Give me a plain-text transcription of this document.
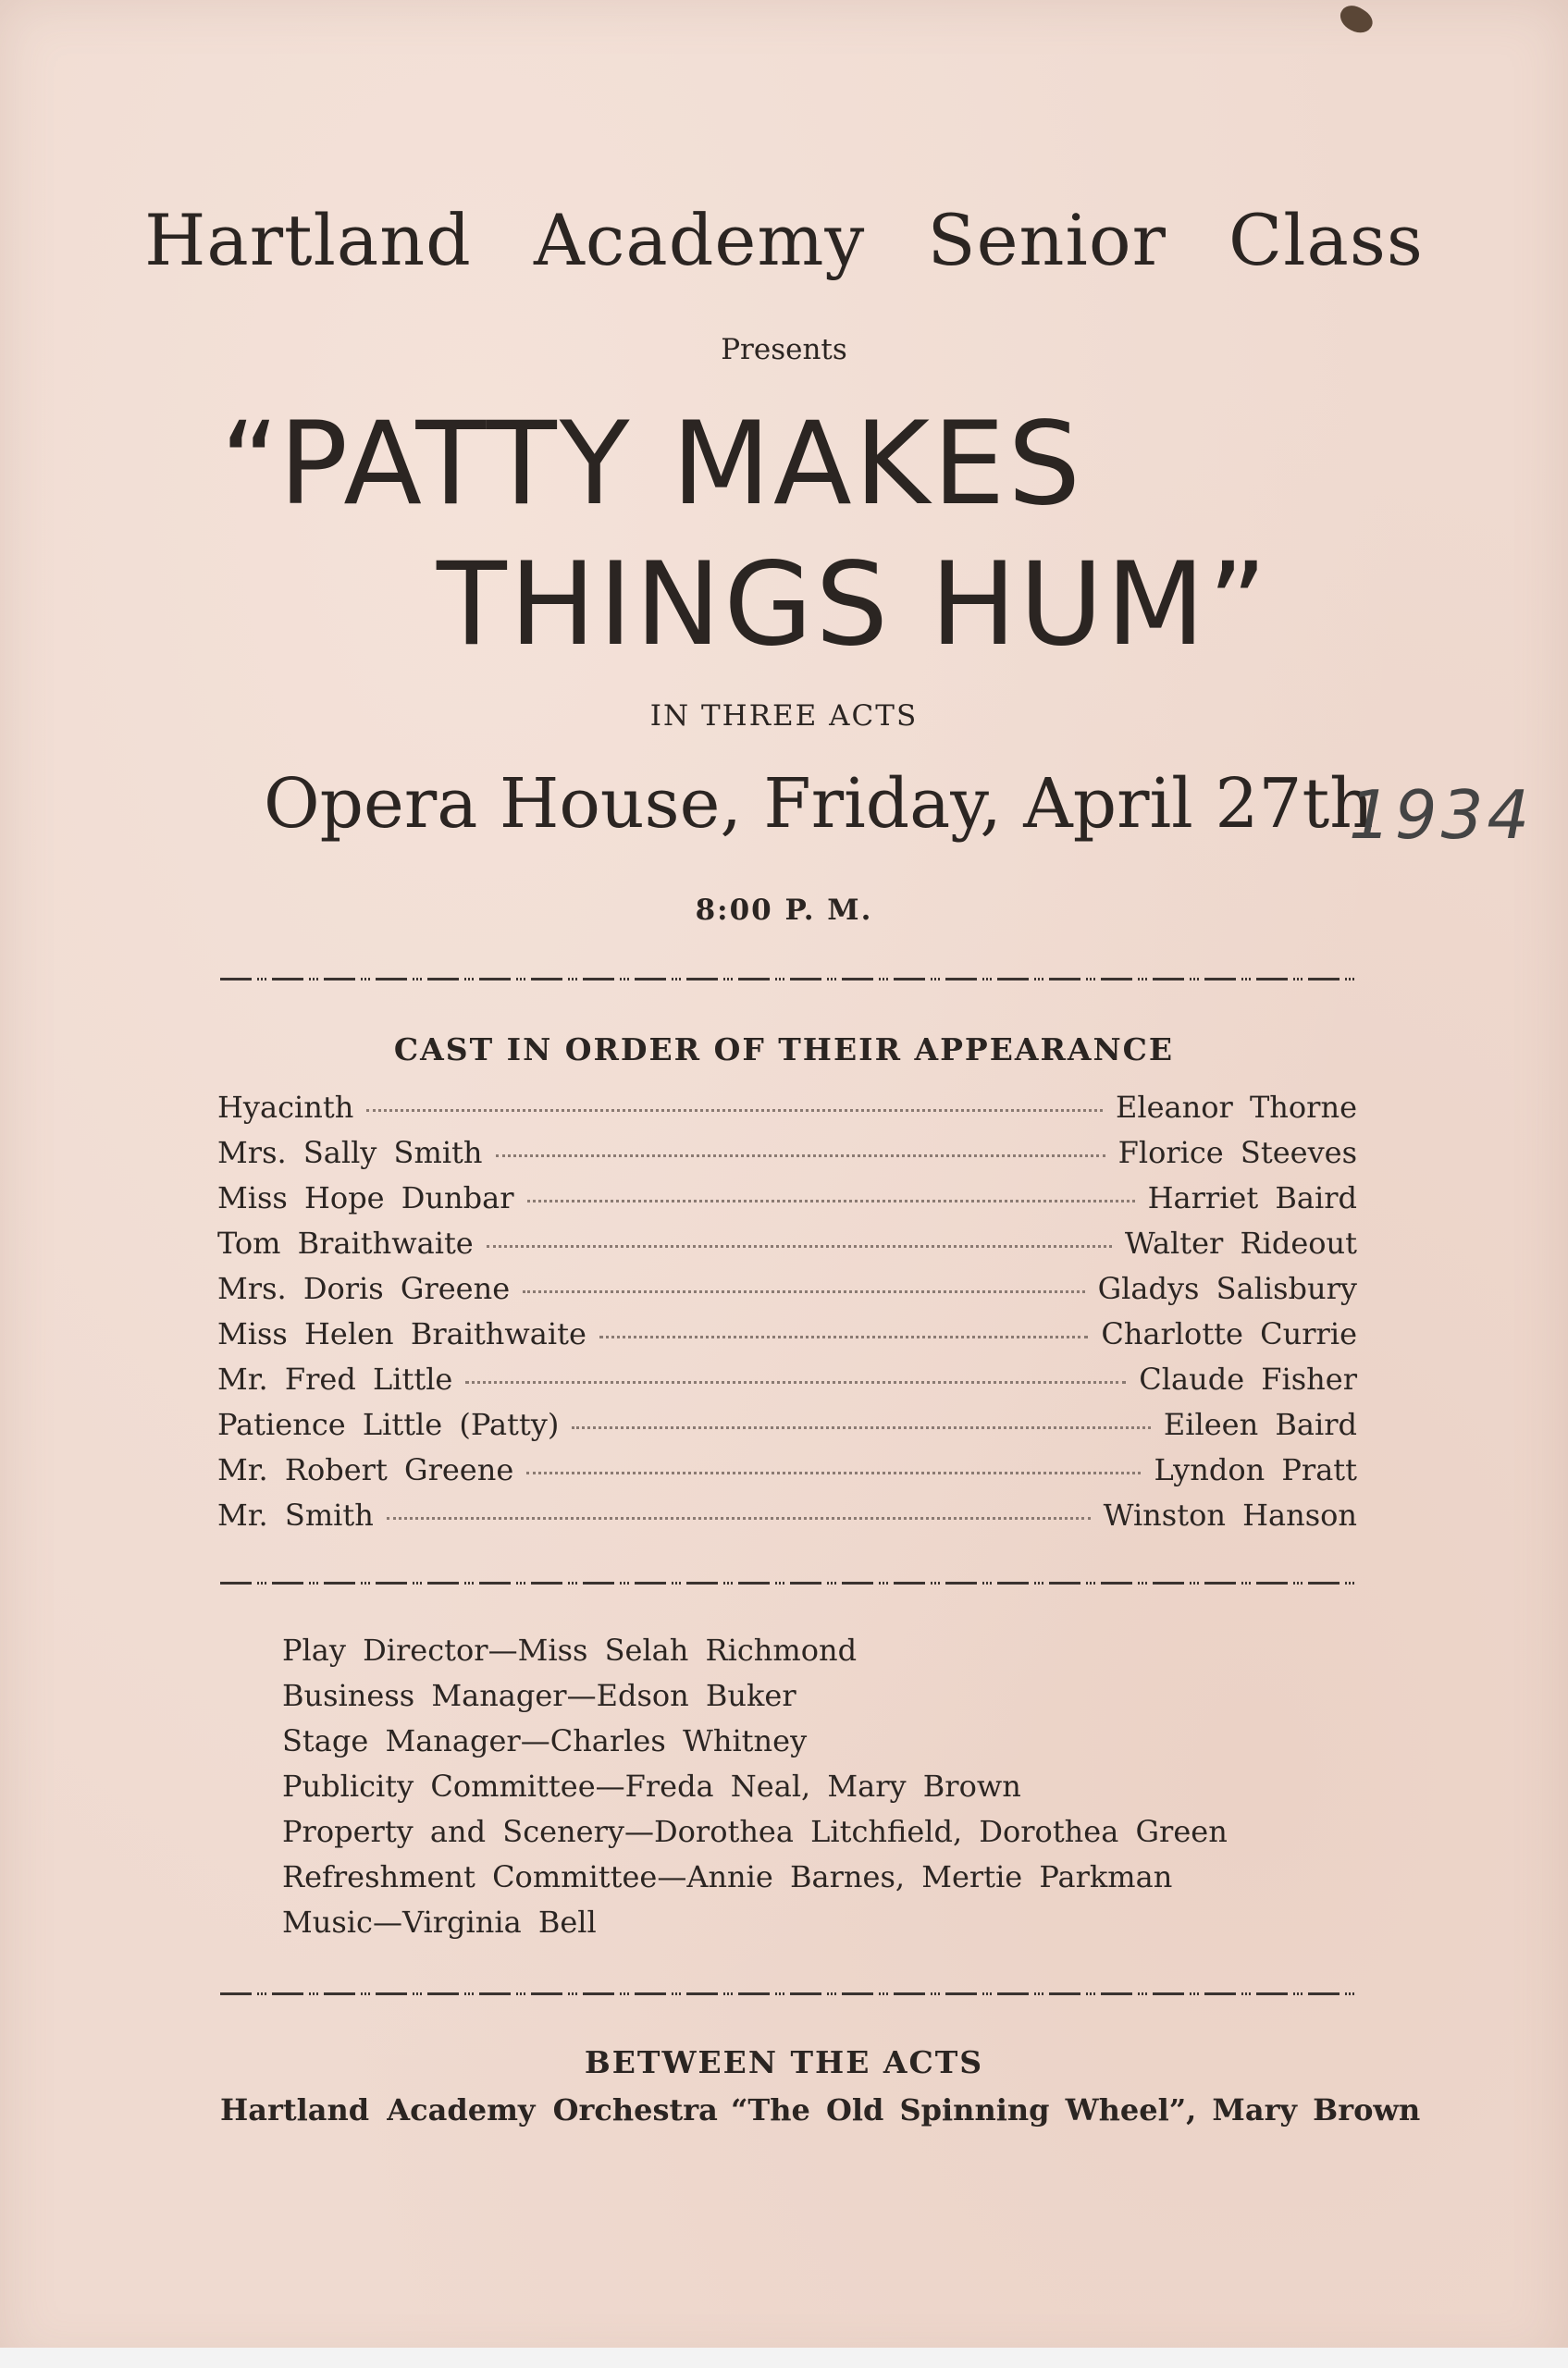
Hartland Academy Senior Class
Presents
“PATTY MAKES
THINGS HUM”
IN THREE ACTS
Opera House, Friday, April 27th
1934
8:00 P. M.
CAST IN ORDER OF THEIR APPEARANCE
Hyacinth	Eleanor Thorne
Mrs. Sally Smith	Florice Steeves
Miss Hope Dunbar	Harriet Baird
Tom Braithwaite	Walter Rideout
Mrs. Doris Greene	Gladys Salisbury
Miss Helen Braithwaite	Charlotte Currie
Mr. Fred Little	Claude Fisher
Patience Little (Patty)	Eileen Baird
Mr. Robert Greene	Lyndon Pratt
Mr. Smith	Winston Hanson
Play Director—Miss Selah Richmond
Business Manager—Edson Buker
Stage Manager—Charles Whitney
Publicity Committee—Freda Neal, Mary Brown
Property and Scenery—Dorothea Litchfield, Dorothea Green
Refreshment Committee—Annie Barnes, Mertie Parkman
Music—Virginia Bell
BETWEEN THE ACTS
Hartland Academy Orchestra “The Old Spinning Wheel”, Mary Brown
